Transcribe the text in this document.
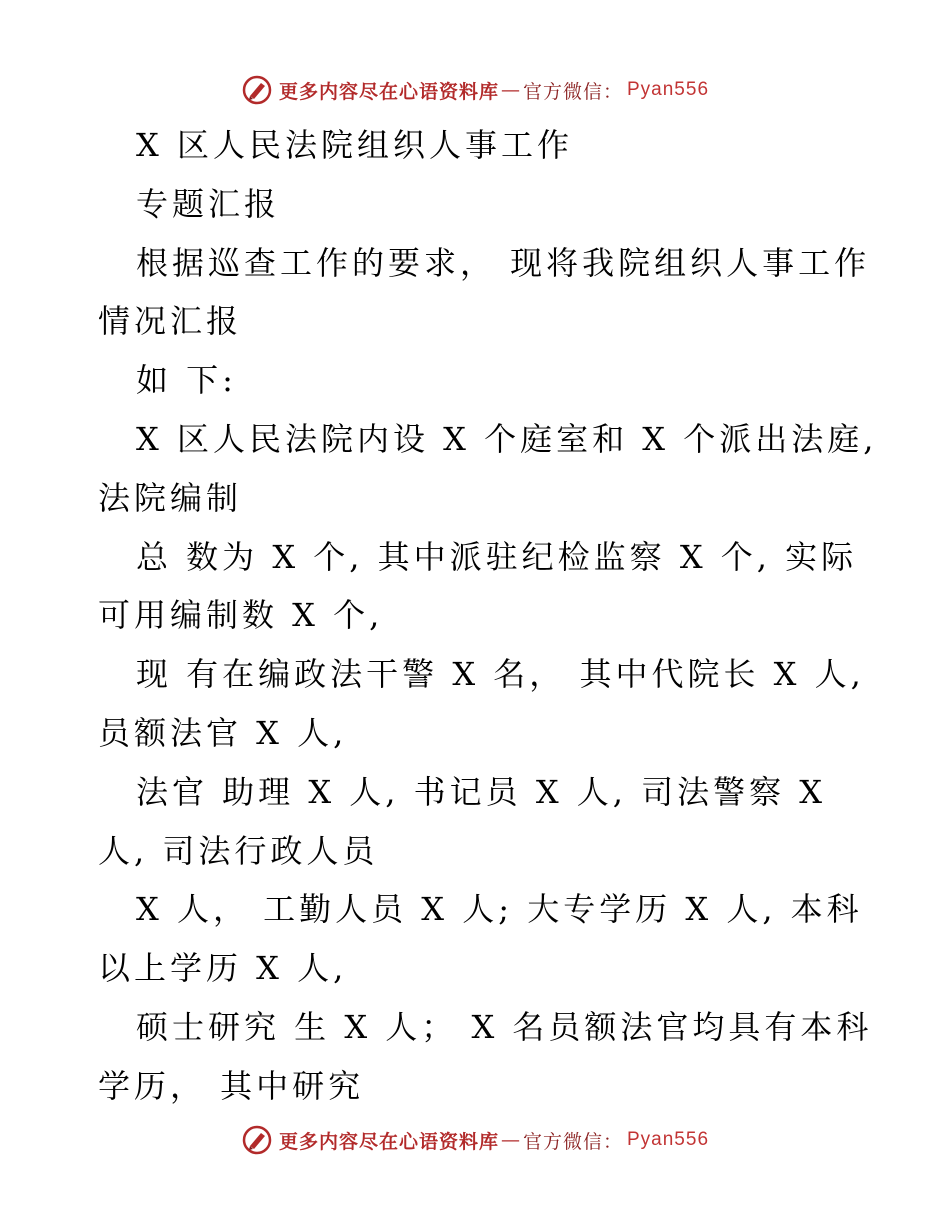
更多内容尽在心语资料库 — 官方微信： Pyan556
X 区人民法院组织人事工作
专题汇报
根据巡查工作的要求， 现将我院组织人事工作
情况汇报
如 下:
X 区人民法院内设 X 个庭室和 X 个派出法庭,
法院编制
总 数为 X 个, 其中派驻纪检监察 X 个, 实际
可用编制数 X 个,
现 有在编政法干警 X 名， 其中代院长 X 人,
员额法官 X 人,
法官 助理 X 人, 书记员 X 人, 司法警察 X
人, 司法行政人员
X 人， 工勤人员 X 人; 大专学历 X 人, 本科
以上学历 X 人,
硕士研究 生 X 人； X 名员额法官均具有本科
学历， 其中研究
更多内容尽在心语资料库 — 官方微信： Pyan556
